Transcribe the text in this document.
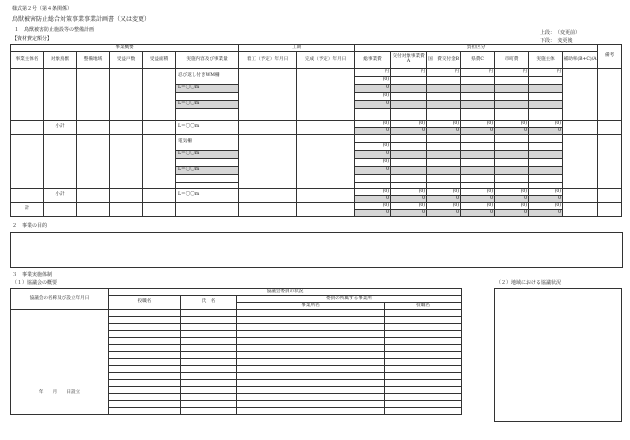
様式第２号（第４条関係）
鳥獣被害防止総合対策事業事業計画書（又は変更）
１　鳥獣被害防止施設等の整備計画
【資材費定額分】
上段：　（変更前）
下段：　変更後
事業概要						工期		負担区分							備考
事業主体名	対象鳥獣	整備地域	受益戸数	受益面積	実施内容及び事業量	着工（予定）年月日	完成（予定）年月日	総事業費	交付対象事業費A	国　費交付金B	県費C	市町費	実施主体	補助率(B+C)/A	
					忍び返し付きWM柵			円	円	円	円	円	円		
								(0)							
					L＝〇〇m			0							
								(0)							
					L＝〇〇m			0							

	小計				L＝〇〇m			(0)	(0)	(0)	(0)	(0)	(0)		
								0	0	0	0	0	0		
					電気柵										
								(0)							
					L＝〇〇m			0							
								(0)							
					L＝〇〇m			0							

	小計				L＝〇〇m			(0)	(0)	(0)	(0)	(0)	(0)		
								0	0	0	0	0	0		
計								(0)	(0)	(0)	(0)	(0)	(0)		
								0	0	0	0	0	0		
２　事業の目的
３　事業実施体制
（１）協議会の概要	（２）地域における協議状況
協議会の名称及び設立年月日	協議会委員の状況			
	役職名	氏　名	委員の所属する事業所	
			事業所名	役職名
年　　月　　日設立				
